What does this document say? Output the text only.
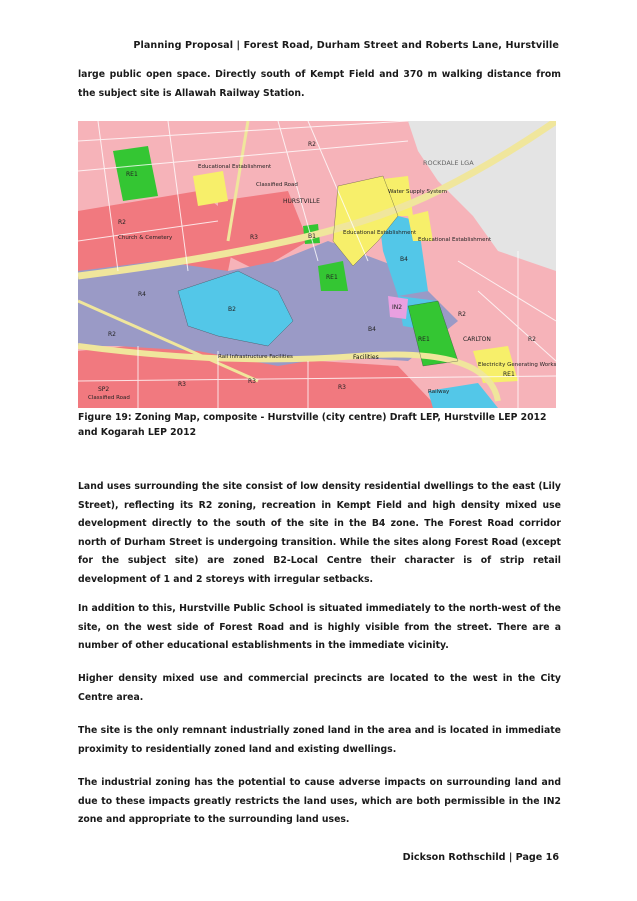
Planning Proposal | Forest Road, Durham Street and Roberts Lane, Hurstville

large public open space. Directly south of Kempt Field and 370 m walking distance from the subject site is Allawah Railway Station.

ROCKDALE LGA
HURSTVILLE
CARLTON
Facilities
Classified Road
Classified Road
Educational Establishment
Educational Establishment
Educational Establishment
Church & Cemetery
Water Supply System
Railway
Rail Infrastructure Facilities
Electricity Generating Works
RE1
R2
R3
R4
B4
B2	IN2
SP2
R3
R2
RE1
RE1
B1
R3
R3
R2
R2
B4
R2
RE1

Figure 19: Zoning Map, composite - Hurstville (city centre) Draft LEP, Hurstville LEP 2012 and Kogarah LEP 2012

Land uses surrounding the site consist of low density residential dwellings to the east (Lily Street), reflecting its R2 zoning, recreation in Kempt Field and high density mixed use development directly to the south of the site in the B4 zone. The Forest Road corridor north of Durham Street is undergoing transition. While the sites along Forest Road (except for the subject site) are zoned B2-Local Centre their character is of strip retail development of 1 and 2 storeys with irregular setbacks.

In addition to this, Hurstville Public School is situated immediately to the north-west of the site, on the west side of Forest Road and is highly visible from the street. There are a number of other educational establishments in the immediate vicinity.

Higher density mixed use and commercial precincts are located to the west in the City Centre area.

The site is the only remnant industrially zoned land in the area and is located in immediate proximity to residentially zoned land and existing dwellings.

The industrial zoning has the potential to cause adverse impacts on surrounding land and due to these impacts greatly restricts the land uses, which are both permissible in the IN2 zone and appropriate to the surrounding land uses.

Dickson Rothschild | Page 16
